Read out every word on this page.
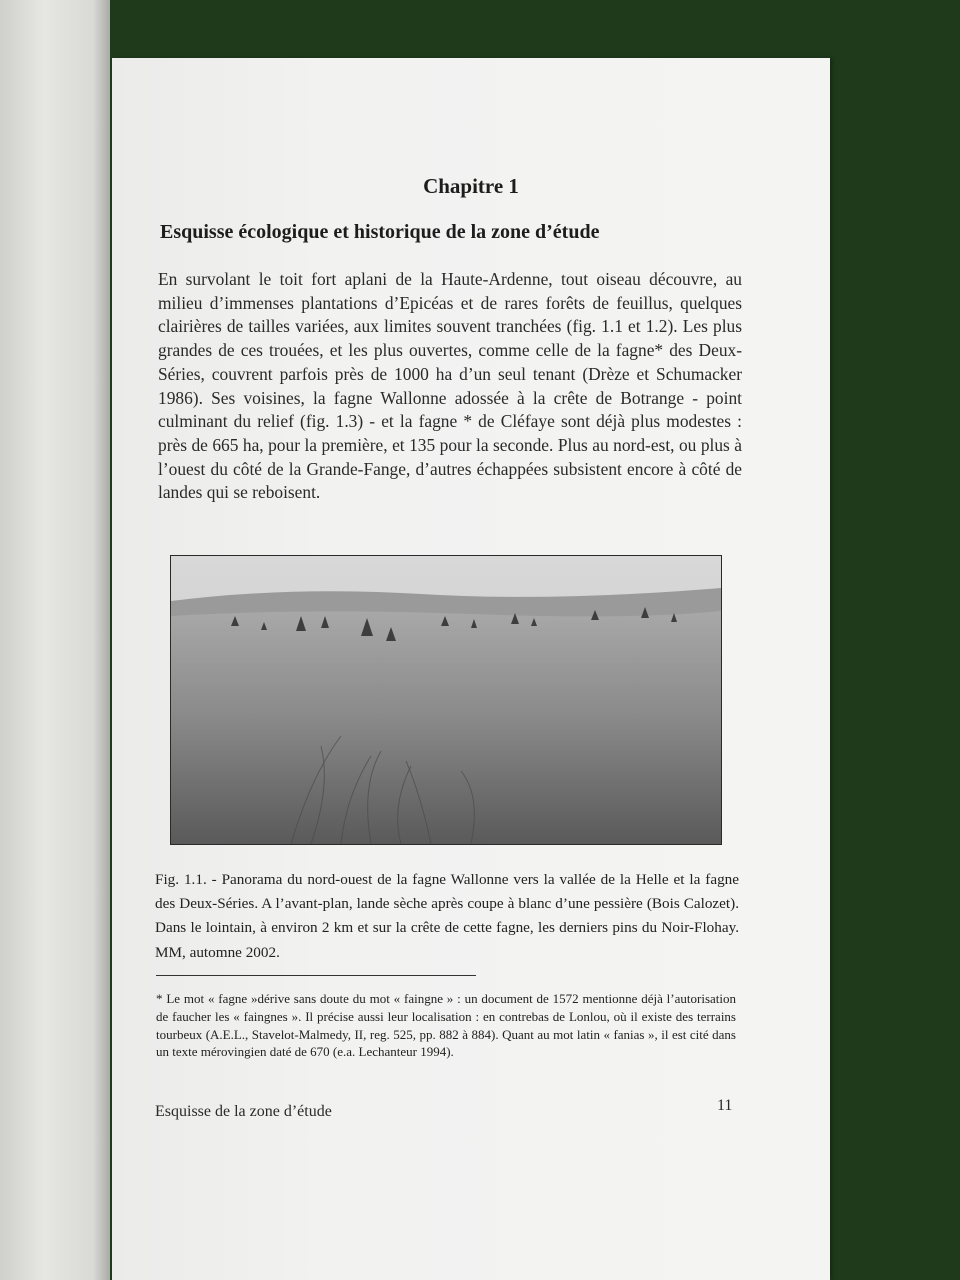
Chapitre 1
Esquisse écologique et historique de la zone d’étude
En survolant le toit fort aplani de la Haute-Ardenne, tout oiseau découvre, au milieu d’immenses plantations d’Epicéas et de rares forêts de feuillus, quelques clairières de tailles variées, aux limites souvent tranchées (fig. 1.1 et 1.2). Les plus grandes de ces trouées, et les plus ouvertes, comme celle de la fagne* des Deux-Séries, couvrent parfois près de 1000 ha d’un seul tenant (Drèze et Schumacker 1986). Ses voisines, la fagne Wallonne adossée à la crête de Botrange - point culminant du relief (fig. 1.3) - et la fagne * de Cléfaye sont déjà plus modestes : près de 665 ha, pour la première, et 135 pour la seconde. Plus au nord-est, ou plus à l’ouest du côté de la Grande-Fange, d’autres échappées subsistent encore à côté de landes qui se reboisent.
Fig. 1.1. - Panorama du nord-ouest de la fagne Wallonne vers la vallée de la Helle et la fagne des Deux-Séries. A l’avant-plan, lande sèche après coupe à blanc d’une pessière (Bois Calozet). Dans le lointain, à environ 2 km et sur la crête de cette fagne, les derniers pins du Noir-Flohay. MM, automne 2002.
* Le mot « fagne »dérive sans doute du mot « faingne » : un document de 1572 mentionne déjà l’autorisation de faucher les « faingnes ». Il précise aussi leur localisation : en contrebas de Lonlou, où il existe des terrains tourbeux (A.E.L., Stavelot-Malmedy, II, reg. 525, pp. 882 à 884). Quant au mot latin « fanias », il est cité dans un texte mérovingien daté de 670 (e.a. Lechanteur 1994).
Esquisse de la zone d’étude	11
